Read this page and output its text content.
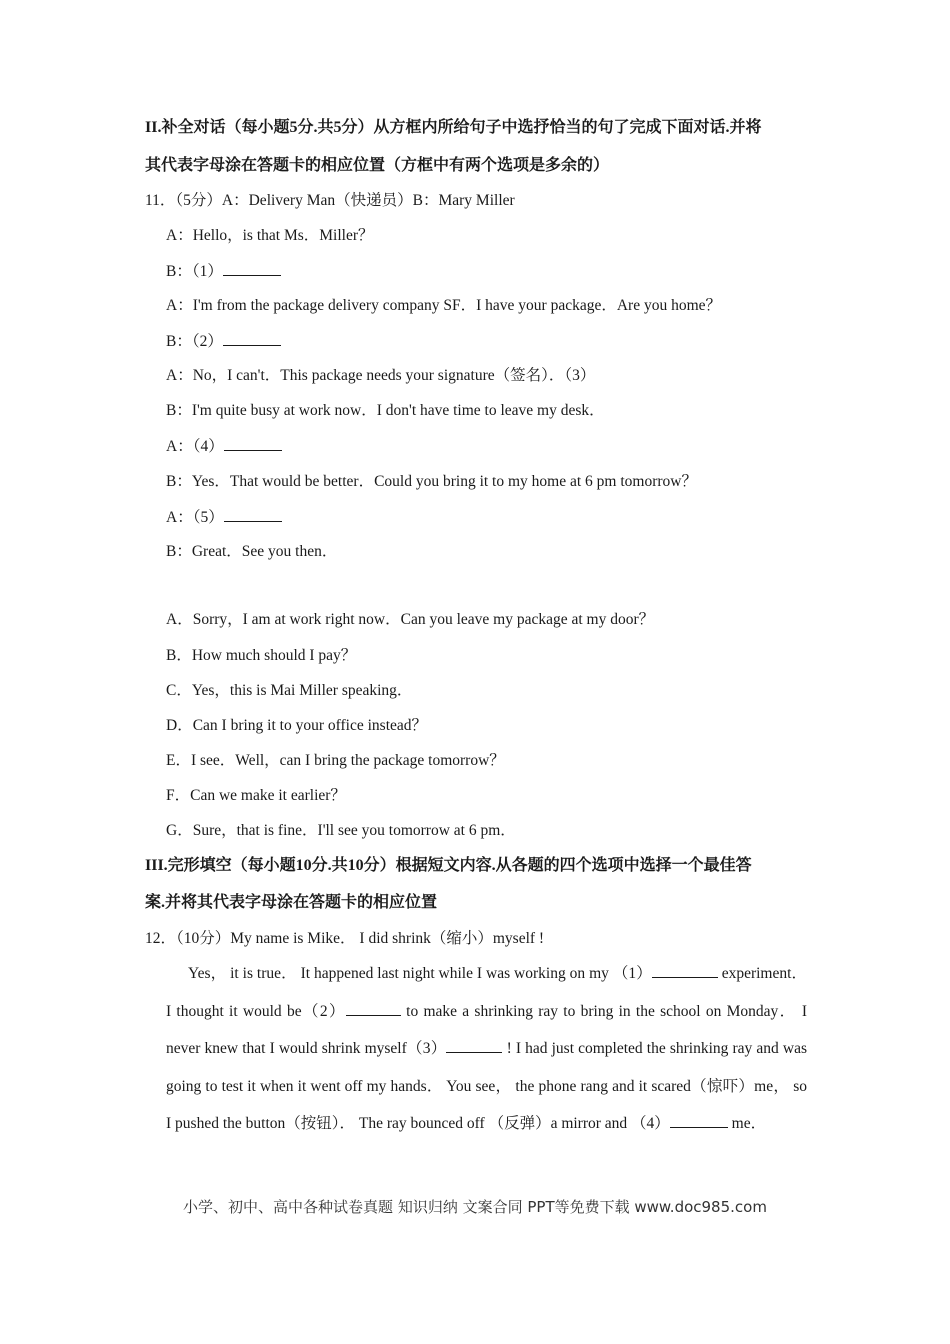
II.补全对话（每小题5分.共5分）从方框内所给句子中选抒恰当的句了完成下面对话.并将
其代表字母涂在答题卡的相应位置（方框中有两个选项是多余的）
11．（5分）A：Delivery Man（快递员）B：Mary Miller
A：Hello，is that Ms．Miller？
B：（1）
A：I'm from the package delivery company SF．I have your package．Are you home？
B：（2）
A：No，I can't．This package needs your signature（签名）．（3）
B：I'm quite busy at work now．I don't have time to leave my desk．
A：（4）
B：Yes．That would be better．Could you bring it to my home at 6 pm tomorrow？
A：（5）
B：Great．See you then．
A．Sorry，I am at work right now．Can you leave my package at my door？
B．How much should I pay？
C．Yes，this is Mai Miller speaking．
D．Can I bring it to your office instead？
E．I see．Well，can I bring the package tomorrow？
F．Can we make it earlier？
G．Sure，that is fine．I'll see you tomorrow at 6 pm．
III.完形填空（每小题10分.共10分）根据短文内容.从各题的四个选项中选择一个最佳答
案.并将其代表字母涂在答题卡的相应位置
12．（10分）My name is Mike． I did shrink（缩小）myself !
Yes， it is true． It happened last night while I was working on my （1）	experiment． I thought it would be（2）	to make a shrinking ray to bring in the school on Monday． I never knew that I would shrink myself（3）	! I had just completed the shrinking ray and was going to test it when it went off my hands． You see， the phone rang and it scared（惊吓）me， so I pushed the button（按钮）． The ray bounced off （反弹）a mirror and （4）	me．
小学、初中、高中各种试卷真题 知识归纳 文案合同 PPT等免费下载 www.doc985.com
